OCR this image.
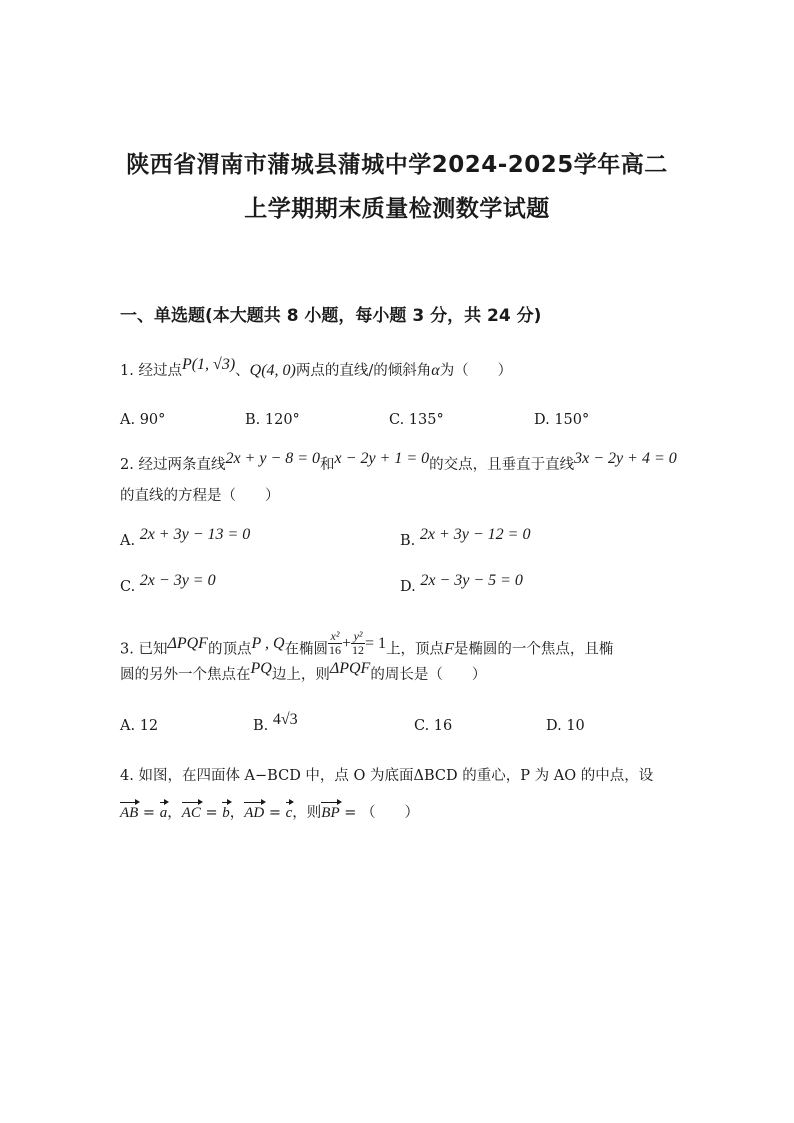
陕西省渭南市蒲城县蒲城中学2024-2025学年高二
上学期期末质量检测数学试题
一、单选题(本大题共 8 小题，每小题 3 分，共 24 分)
1. 经过点P(1, √3)、Q(4, 0)两点的直线/的倾斜角α为（　　）
A. 90°	B. 120°	C. 135°	D. 150°
2. 经过两条直线2x + y − 8 = 0和x − 2y + 1 = 0的交点，且垂直于直线3x − 2y + 4 = 0
的直线的方程是（　　）
A. 2x + 3y − 13 = 0	B. 2x + 3y − 12 = 0
C. 2x − 3y = 0	D. 2x − 3y − 5 = 0
3. 已知ΔPQF的顶点P , Q在椭圆 $\frac{\text{x²}}{16} + \frac{\text{y²}}{12} = 1$上，顶点F是椭圆的一个焦点，且椭
圆的另外一个焦点在PQ边上，则ΔPQF的周长是（　　）
A. 12	B. 4√3	C. 16	D. 10
4. 如图，在四面体 A−BCD 中，点 O 为底面ΔBCD 的重心，P 为 AO 的中点，设
AB = a，AC = b，AD = c，则BP = （　　）
